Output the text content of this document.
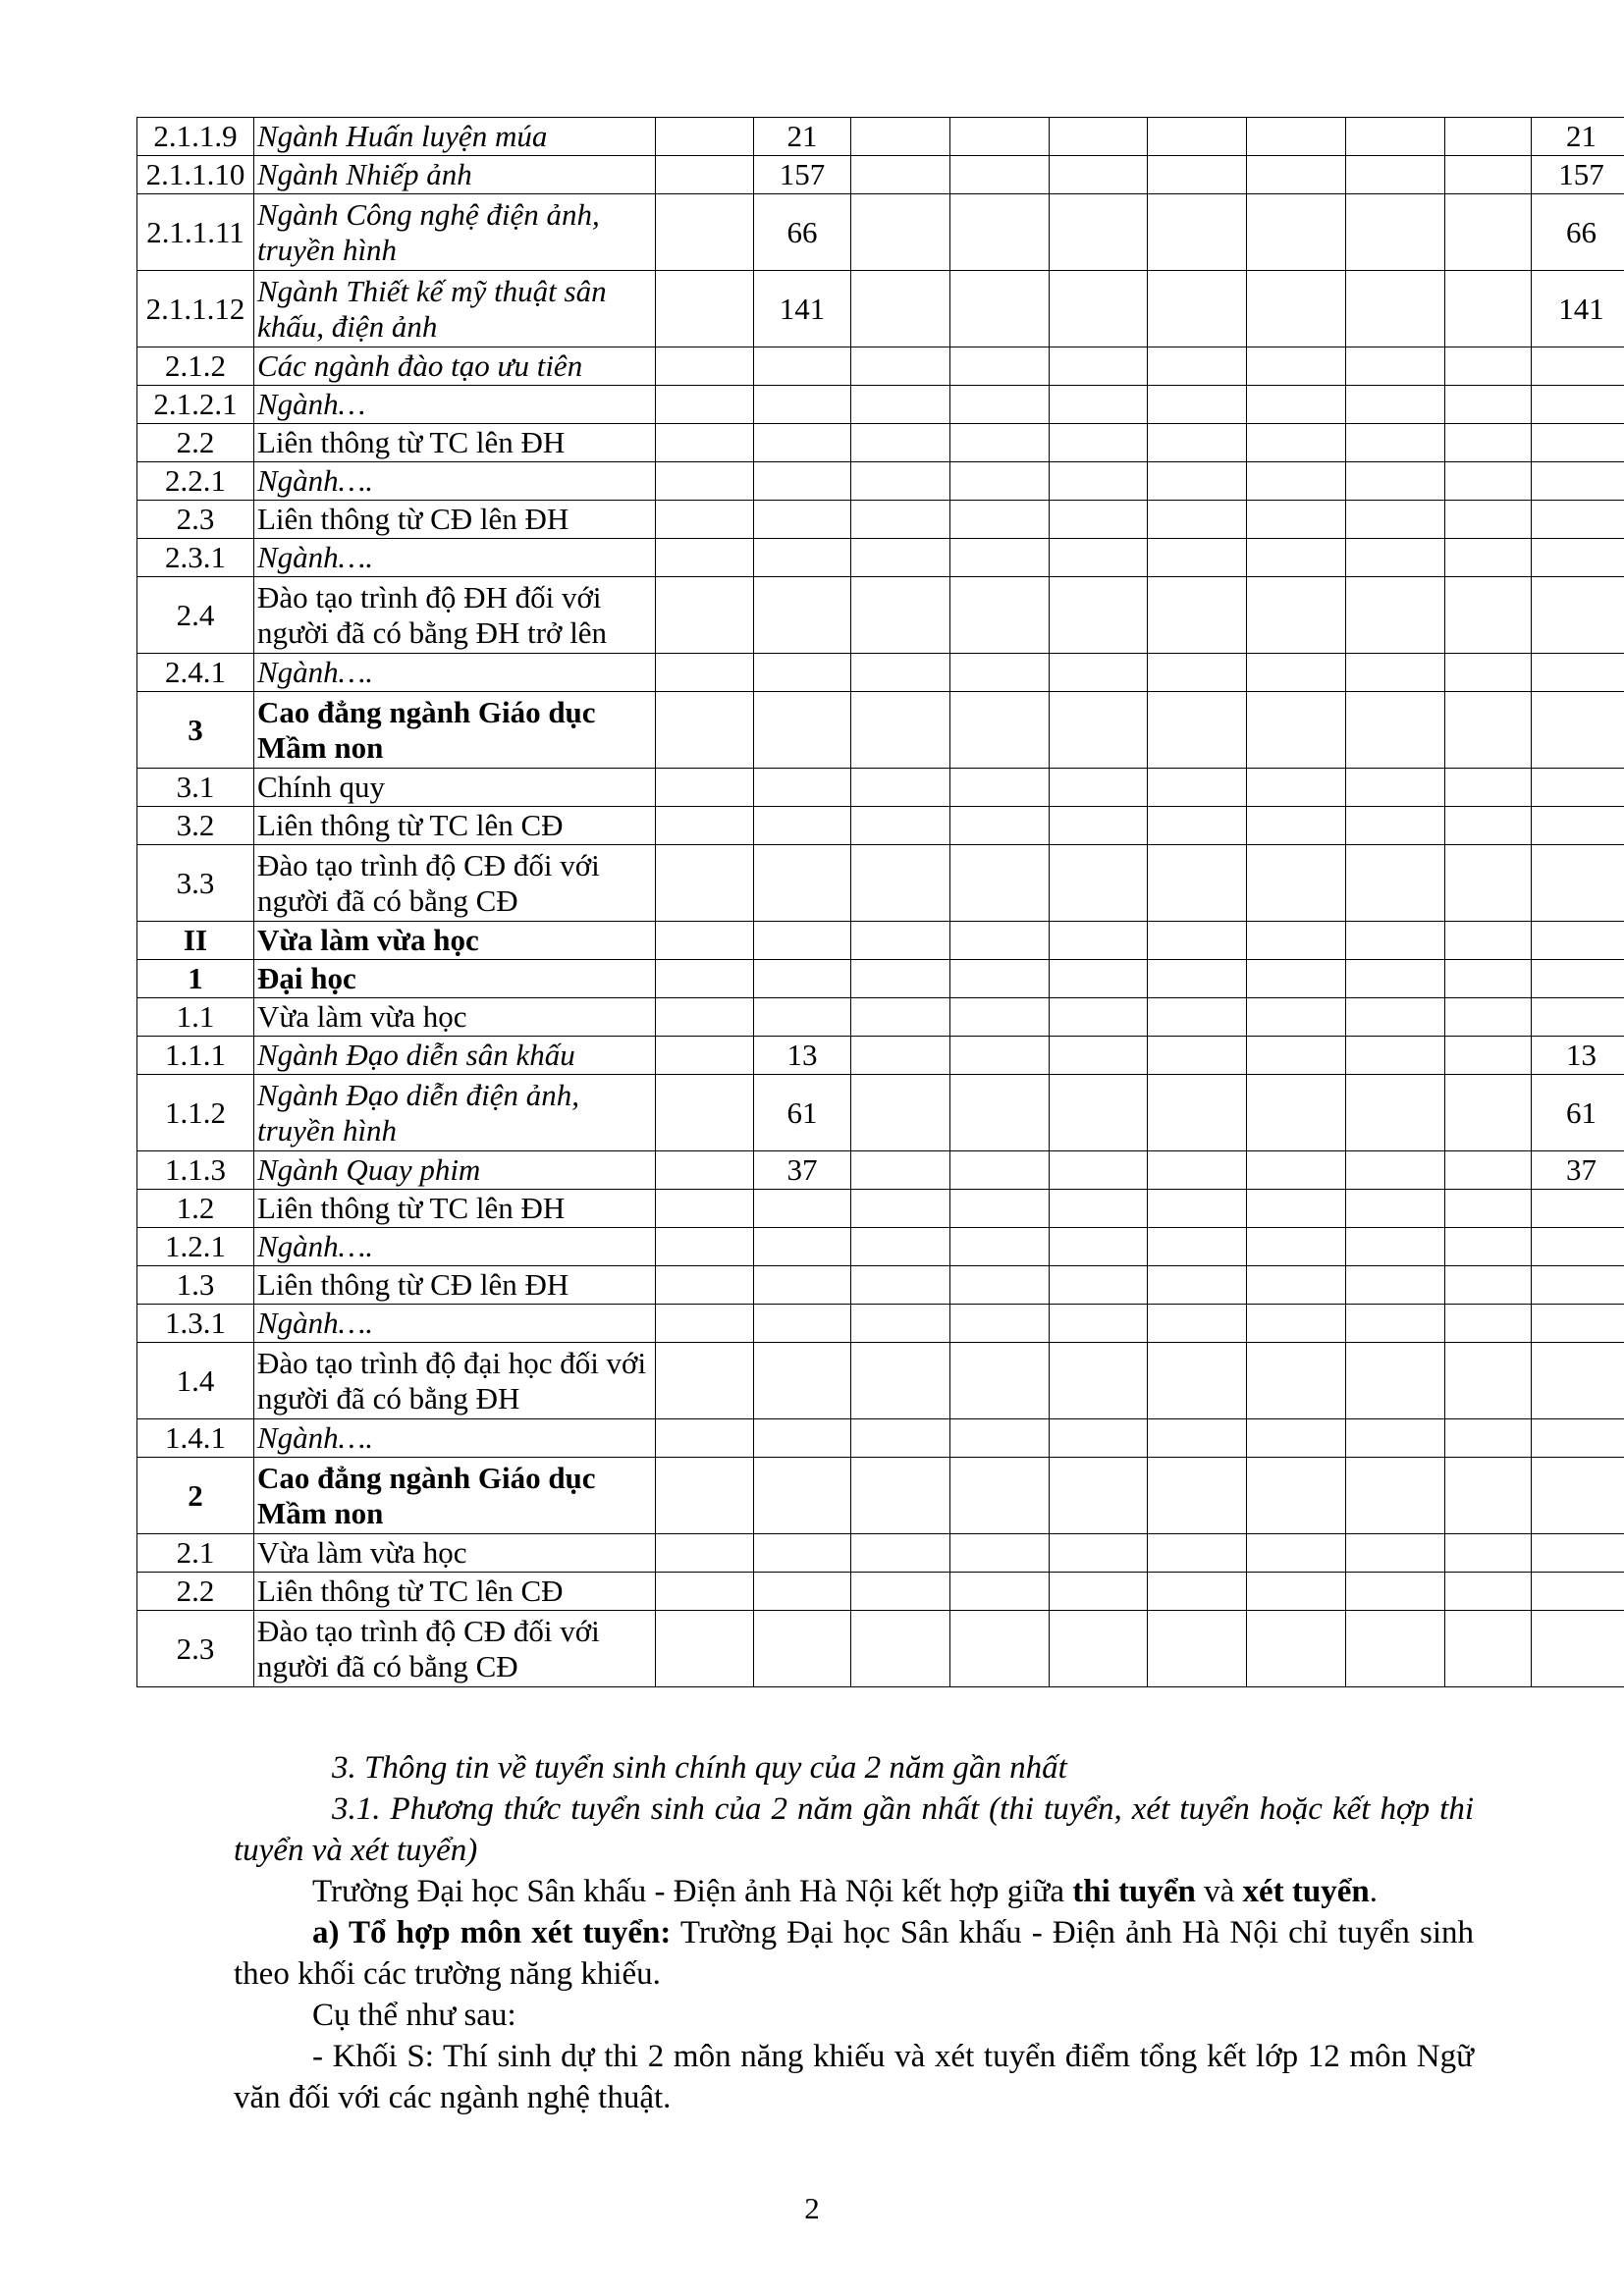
2.1.1.9	Ngành Huấn luyện múa		21								21
2.1.1.10	Ngành Nhiếp ảnh		157								157
2.1.1.11	Ngành Công nghệ điện ảnh, truyền hình		66								66
2.1.1.12	Ngành Thiết kế mỹ thuật sân khấu, điện ảnh		141								141
2.1.2	Các ngành đào tạo ưu tiên										
2.1.2.1	Ngành…										
2.2	Liên thông từ TC lên ĐH										
2.2.1	Ngành….										
2.3	Liên thông từ CĐ lên ĐH										
2.3.1	Ngành….										
2.4	Đào tạo trình độ ĐH đối với người đã có bằng ĐH trở lên										
2.4.1	Ngành….										
3	Cao đẳng ngành Giáo dục Mầm non										
3.1	Chính quy										
3.2	Liên thông từ TC lên CĐ										
3.3	Đào tạo trình độ CĐ đối với người đã có bằng CĐ										
II	Vừa làm vừa học										
1	Đại học										
1.1	Vừa làm vừa học										
1.1.1	Ngành Đạo diễn sân khấu		13								13
1.1.2	Ngành Đạo diễn điện ảnh, truyền hình		61								61
1.1.3	Ngành Quay phim		37								37
1.2	Liên thông từ TC lên ĐH										
1.2.1	Ngành….										
1.3	Liên thông từ CĐ lên ĐH										
1.3.1	Ngành….										
1.4	Đào tạo trình độ đại học đối với người đã có bằng ĐH										
1.4.1	Ngành….										
2	Cao đẳng ngành Giáo dục Mầm non										
2.1	Vừa làm vừa học										
2.2	Liên thông từ TC lên CĐ										
2.3	Đào tạo trình độ CĐ đối với người đã có bằng CĐ										

3. Thông tin về tuyển sinh chính quy của 2 năm gần nhất

3.1. Phương thức tuyển sinh của 2 năm gần nhất (thi tuyển, xét tuyển hoặc kết hợp thi tuyển và xét tuyển)

Trường Đại học Sân khấu - Điện ảnh Hà Nội kết hợp giữa thi tuyển và xét tuyển.

a) Tổ hợp môn xét tuyển: Trường Đại học Sân khấu - Điện ảnh Hà Nội chỉ tuyển sinh theo khối các trường năng khiếu.

Cụ thể như sau:

- Khối S: Thí sinh dự thi 2 môn năng khiếu và xét tuyển điểm tổng kết lớp 12 môn Ngữ văn đối với các ngành nghệ thuật.

2
